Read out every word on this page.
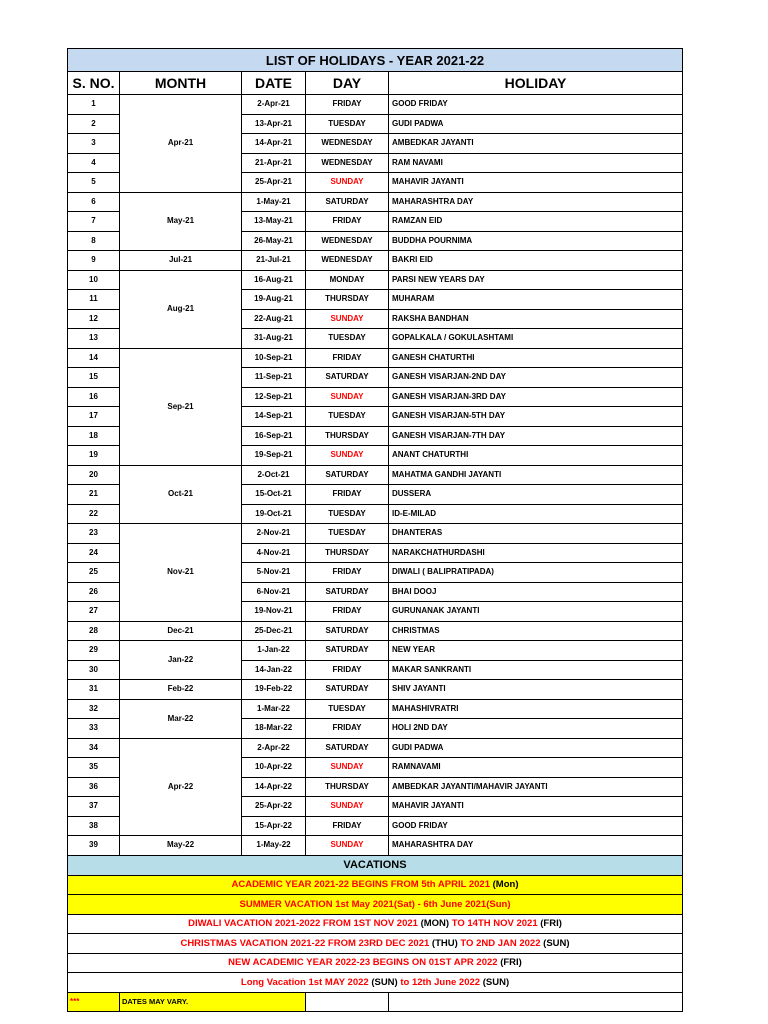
LIST OF HOLIDAYS - YEAR 2021-22				
S. NO.	MONTH	DATE	DAY	HOLIDAY
1	Apr-21	2-Apr-21	FRIDAY	GOOD FRIDAY
2		13-Apr-21	TUESDAY	GUDI PADWA
3		14-Apr-21	WEDNESDAY	AMBEDKAR JAYANTI
4		21-Apr-21	WEDNESDAY	RAM NAVAMI
5		25-Apr-21	SUNDAY	MAHAVIR JAYANTI
6	May-21	1-May-21	SATURDAY	MAHARASHTRA DAY
7		13-May-21	FRIDAY	RAMZAN EID
8		26-May-21	WEDNESDAY	BUDDHA POURNIMA
9	Jul-21	21-Jul-21	WEDNESDAY	BAKRI EID
10	Aug-21	16-Aug-21	MONDAY	PARSI NEW YEARS DAY
11		19-Aug-21	THURSDAY	MUHARAM
12		22-Aug-21	SUNDAY	RAKSHA BANDHAN
13		31-Aug-21	TUESDAY	GOPALKALA / GOKULASHTAMI
14	Sep-21	10-Sep-21	FRIDAY	GANESH CHATURTHI
15		11-Sep-21	SATURDAY	GANESH VISARJAN-2ND DAY
16		12-Sep-21	SUNDAY	GANESH VISARJAN-3RD DAY
17		14-Sep-21	TUESDAY	GANESH VISARJAN-5TH DAY
18		16-Sep-21	THURSDAY	GANESH VISARJAN-7TH DAY
19		19-Sep-21	SUNDAY	ANANT CHATURTHI
20	Oct-21	2-Oct-21	SATURDAY	MAHATMA GANDHI JAYANTI
21		15-Oct-21	FRIDAY	DUSSERA
22		19-Oct-21	TUESDAY	ID-E-MILAD
23	Nov-21	2-Nov-21	TUESDAY	DHANTERAS
24		4-Nov-21	THURSDAY	NARAKCHATHURDASHI
25		5-Nov-21	FRIDAY	DIWALI ( BALIPRATIPADA)
26		6-Nov-21	SATURDAY	BHAI DOOJ
27		19-Nov-21	FRIDAY	GURUNANAK JAYANTI
28	Dec-21	25-Dec-21	SATURDAY	CHRISTMAS
29	Jan-22	1-Jan-22	SATURDAY	NEW YEAR
30		14-Jan-22	FRIDAY	MAKAR SANKRANTI
31	Feb-22	19-Feb-22	SATURDAY	SHIV JAYANTI
32	Mar-22	1-Mar-22	TUESDAY	MAHASHIVRATRI
33		18-Mar-22	FRIDAY	HOLI 2ND DAY
34	Apr-22	2-Apr-22	SATURDAY	GUDI PADWA
35		10-Apr-22	SUNDAY	RAMNAVAMI
36		14-Apr-22	THURSDAY	AMBEDKAR JAYANTI/MAHAVIR JAYANTI
37		25-Apr-22	SUNDAY	MAHAVIR JAYANTI
38		15-Apr-22	FRIDAY	GOOD FRIDAY
39	May-22	1-May-22	SUNDAY	MAHARASHTRA DAY
VACATIONS				
ACADEMIC YEAR 2021-22 BEGINS FROM 5th APRIL 2021 (Mon)				
SUMMER VACATION 1st May 2021(Sat) - 6th June 2021(Sun)				
DIWALI VACATION 2021-2022 FROM 1ST NOV 2021 (MON) TO 14TH NOV 2021 (FRI)				
CHRISTMAS VACATION 2021-22 FROM 23RD DEC 2021 (THU) TO 2ND JAN 2022 (SUN)				
NEW ACADEMIC YEAR 2022-23 BEGINS ON 01ST APR 2022 (FRI)				
Long Vacation 1st MAY 2022 (SUN) to 12th June 2022 (SUN)				
***	DATES MAY VARY.			
